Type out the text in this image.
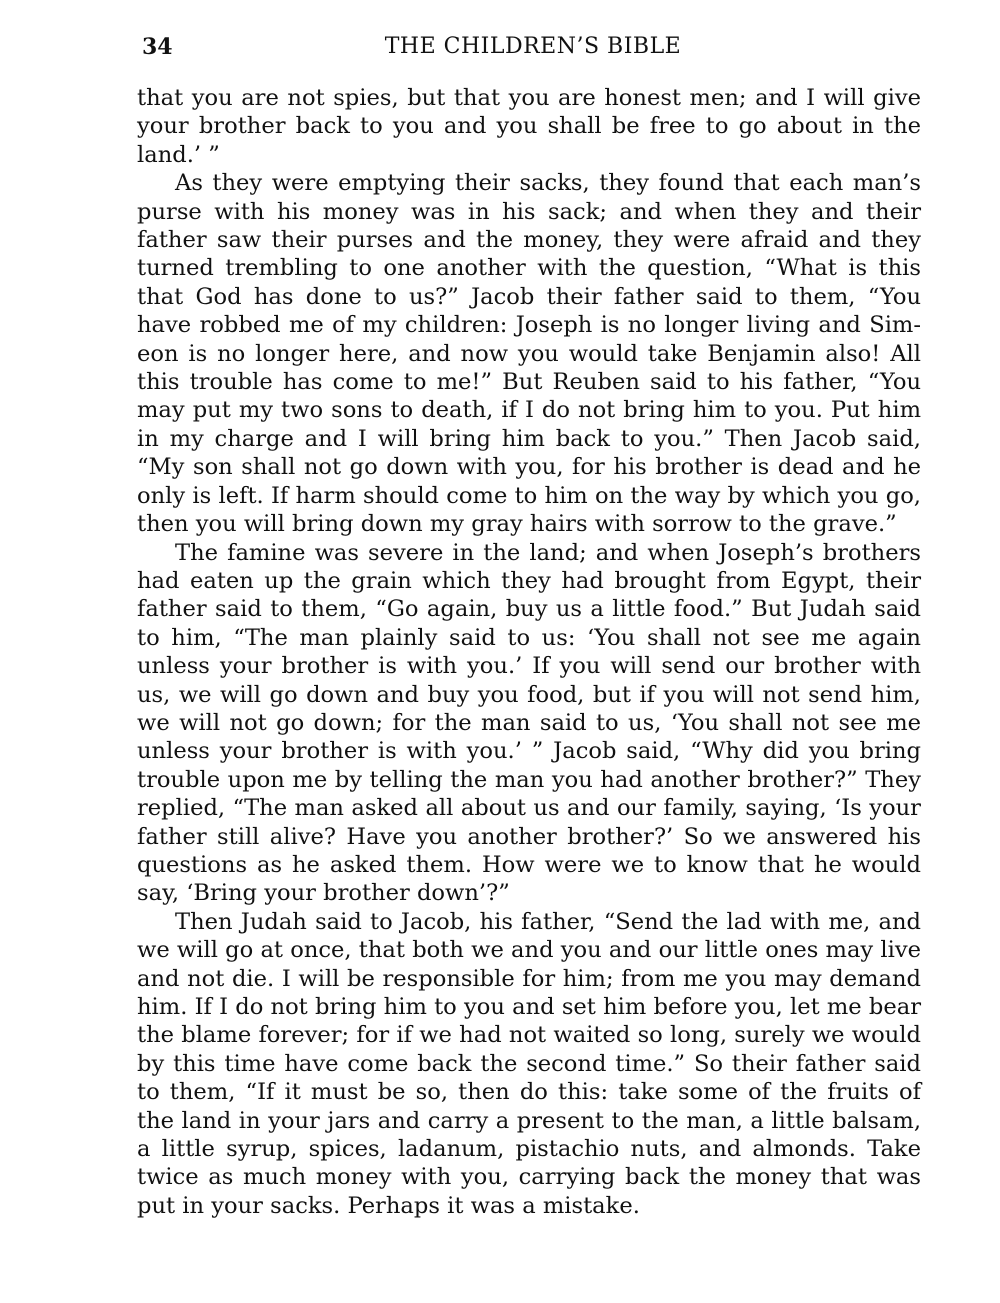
34	THE CHILDREN’S BIBLE

that you are not spies, but that you are honest men; and I will give your brother back to you and you shall be free to go about in the land.’ ”

As they were emptying their sacks, they found that each man’s purse with his money was in his sack; and when they and their father saw their purses and the money, they were afraid and they turned trembling to one another with the question, “What is this that God has done to us?” Jacob their father said to them, “You have robbed me of my children: Joseph is no longer living and Simeon is no longer here, and now you would take Benjamin also! All this trouble has come to me!” But Reuben said to his father, “You may put my two sons to death, if I do not bring him to you. Put him in my charge and I will bring him back to you.” Then Jacob said, “My son shall not go down with you, for his brother is dead and he only is left. If harm should come to him on the way by which you go, then you will bring down my gray hairs with sorrow to the grave.”

The famine was severe in the land; and when Joseph’s brothers had eaten up the grain which they had brought from Egypt, their father said to them, “Go again, buy us a little food.” But Judah said to him, “The man plainly said to us: ‘You shall not see me again unless your brother is with you.’ If you will send our brother with us, we will go down and buy you food, but if you will not send him, we will not go down; for the man said to us, ‘You shall not see me unless your brother is with you.’ ” Jacob said, “Why did you bring trouble upon me by telling the man you had another brother?” They replied, “The man asked all about us and our family, saying, ‘Is your father still alive? Have you another brother?’ So we answered his questions as he asked them. How were we to know that he would say, ‘Bring your brother down’?”

Then Judah said to Jacob, his father, “Send the lad with me, and we will go at once, that both we and you and our little ones may live and not die. I will be responsible for him; from me you may demand him. If I do not bring him to you and set him before you, let me bear the blame forever; for if we had not waited so long, surely we would by this time have come back the second time.” So their father said to them, “If it must be so, then do this: take some of the fruits of the land in your jars and carry a present to the man, a little balsam, a little syrup, spices, ladanum, pistachio nuts, and almonds. Take twice as much money with you, carrying back the money that was put in your sacks. Perhaps it was a mistake.
